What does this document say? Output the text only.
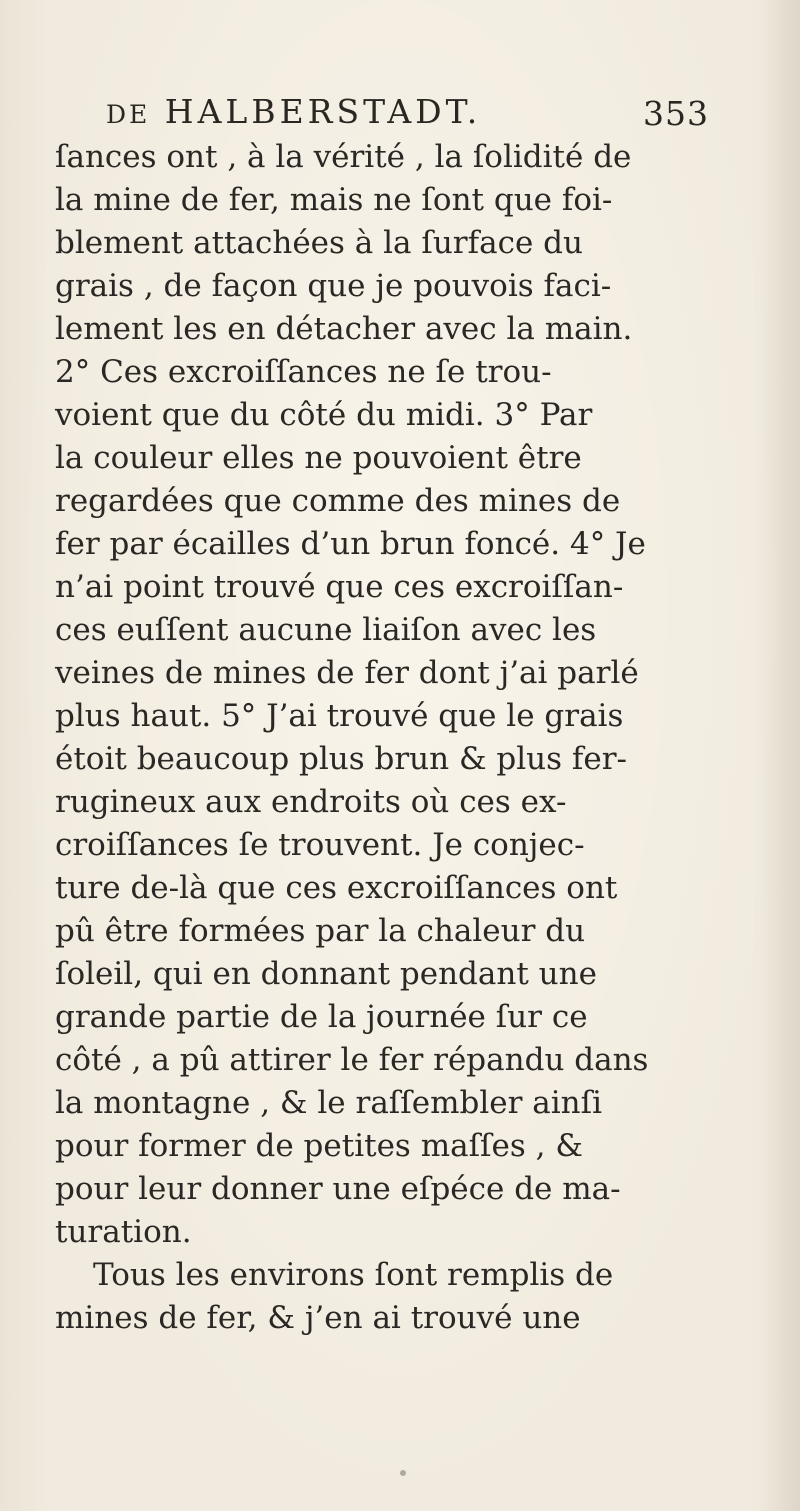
DE HALBERSTADT.	353
ſances ont , à la vérité , la ſolidité de
la mine de fer, mais ne ſont que foi-
blement attachées à la ſurface du
grais , de façon que je pouvois faci-
lement les en détacher avec la main.
2° Ces excroiſſances ne ſe trou-
voient que du côté du midi. 3° Par
la couleur elles ne pouvoient être
regardées que comme des mines de
fer par écailles d’un brun foncé. 4° Je
n’ai point trouvé que ces excroiſſan-
ces euſſent aucune liaiſon avec les
veines de mines de fer dont j’ai parlé
plus haut. 5° J’ai trouvé que le grais
étoit beaucoup plus brun & plus fer-
rugineux aux endroits où ces ex-
croiſſances ſe trouvent. Je conjec-
ture de-là que ces excroiſſances ont
pû être formées par la chaleur du
ſoleil, qui en donnant pendant une
grande partie de la journée ſur ce
côté , a pû attirer le fer répandu dans
la montagne , & le raſſembler ainſi
pour former de petites maſſes , &
pour leur donner une eſpéce de ma-
turation.
Tous les environs ſont remplis de
mines de fer, & j’en ai trouvé une
